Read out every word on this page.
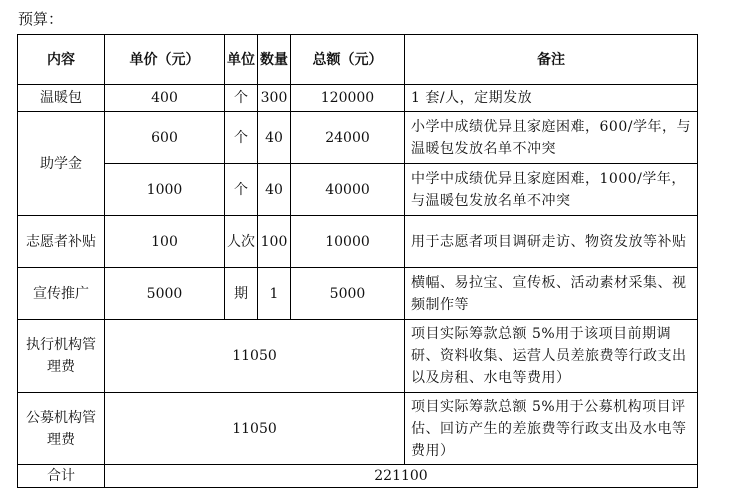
预算：
内容	单价（元）	单位	数量	总额（元）	备注
温暖包	400	个	300	120000	1 套/人，定期发放
助学金	600	个	40	24000	小学中成绩优异且家庭困难，600/学年，与温暖包发放名单不冲突
	1000	个	40	40000	中学中成绩优异且家庭困难，1000/学年，与温暖包发放名单不冲突
志愿者补贴	100	人次	100	10000	用于志愿者项目调研走访、物资发放等补贴
宣传推广	5000	期	1	5000	横幅、易拉宝、宣传板、活动素材采集、视频制作等
执行机构管理费	11050				项目实际筹款总额 5%用于该项目前期调研、资料收集、运营人员差旅费等行政支出以及房租、水电等费用）
公募机构管理费	11050				项目实际筹款总额 5%用于公募机构项目评估、回访产生的差旅费等行政支出及水电等费用）
合计	221100				
